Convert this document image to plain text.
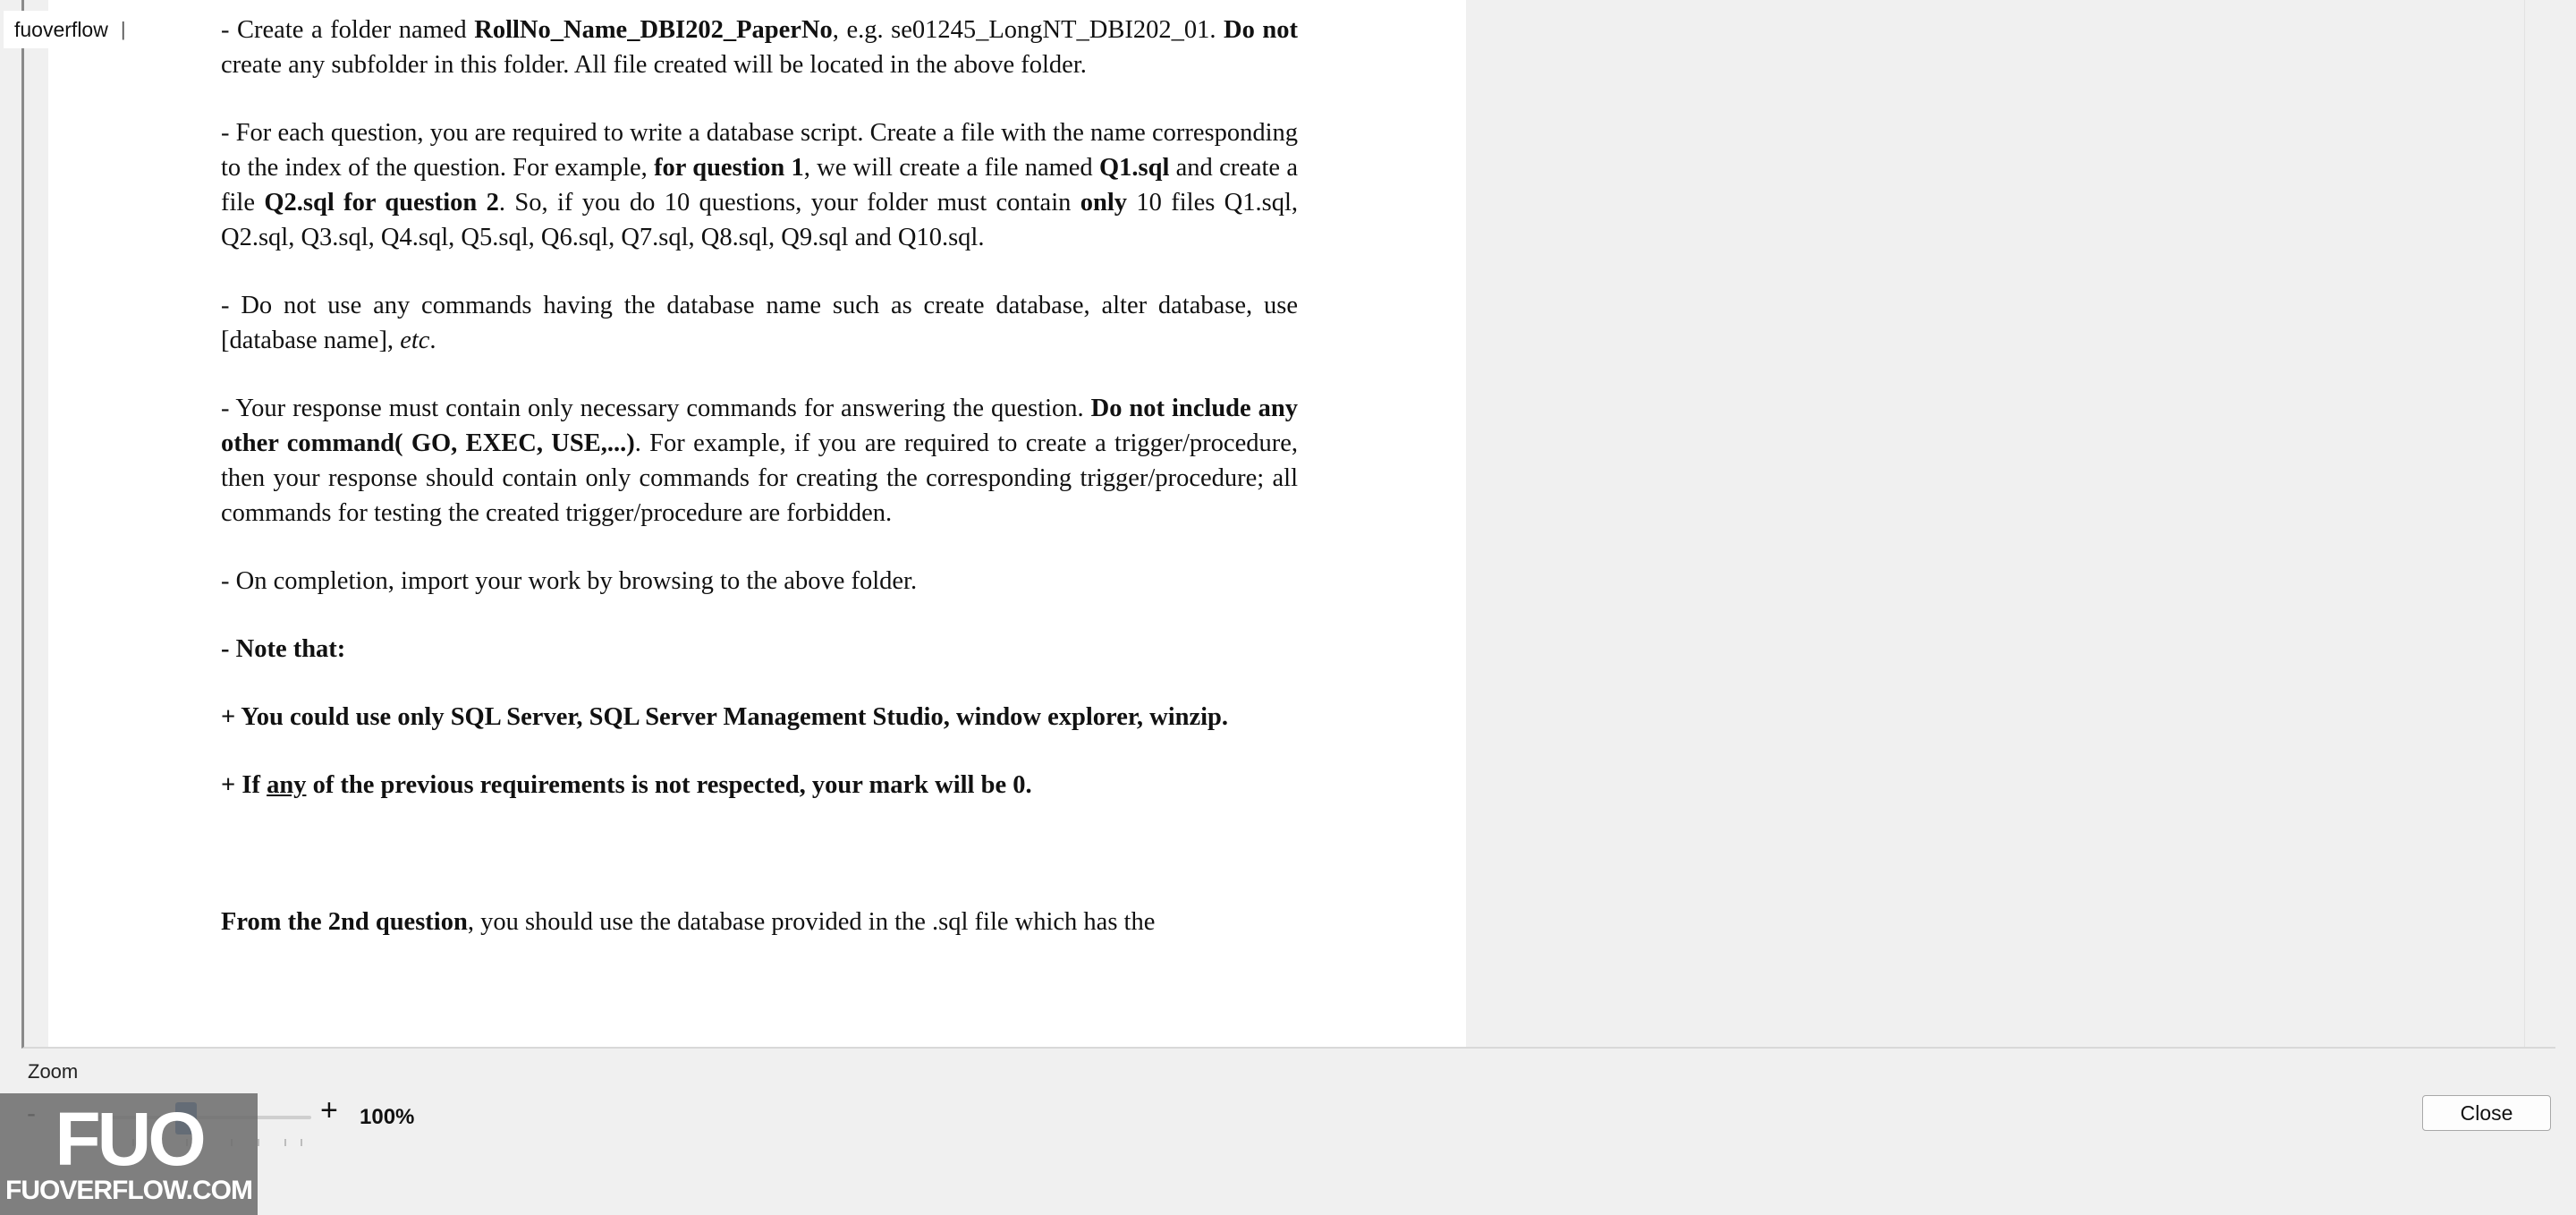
- Create a folder named RollNo_Name_DBI202_PaperNo, e.g. se01245_LongNT_DBI202_01. Do not create any subfolder in this folder. All file created will be located in the above folder.

- For each question, you are required to write a database script. Create a file with the name corresponding to the index of the question. For example, for question 1, we will create a file named Q1.sql and create a file Q2.sql for question 2. So, if you do 10 questions, your folder must contain only 10 files Q1.sql, Q2.sql, Q3.sql, Q4.sql, Q5.sql, Q6.sql, Q7.sql, Q8.sql, Q9.sql and Q10.sql.

- Do not use any commands having the database name such as create database, alter database, use [database name], etc.

- Your response must contain only necessary commands for answering the question. Do not include any other command( GO, EXEC, USE,...). For example, if you are required to create a trigger/procedure, then your response should contain only commands for creating the corresponding trigger/procedure; all commands for testing the created trigger/procedure are forbidden.

- On completion, import your work by browsing to the above folder.

- Note that:

+ You could use only SQL Server, SQL Server Management Studio, window explorer, winzip.

+ If any of the previous requirements is not respected, your mark will be 0.

From the 2nd question, you should use the database provided in the .sql file which has the

fuoverflow |
Zoom
+ 100%
FUO
FUOVERFLOW.COM
Close
